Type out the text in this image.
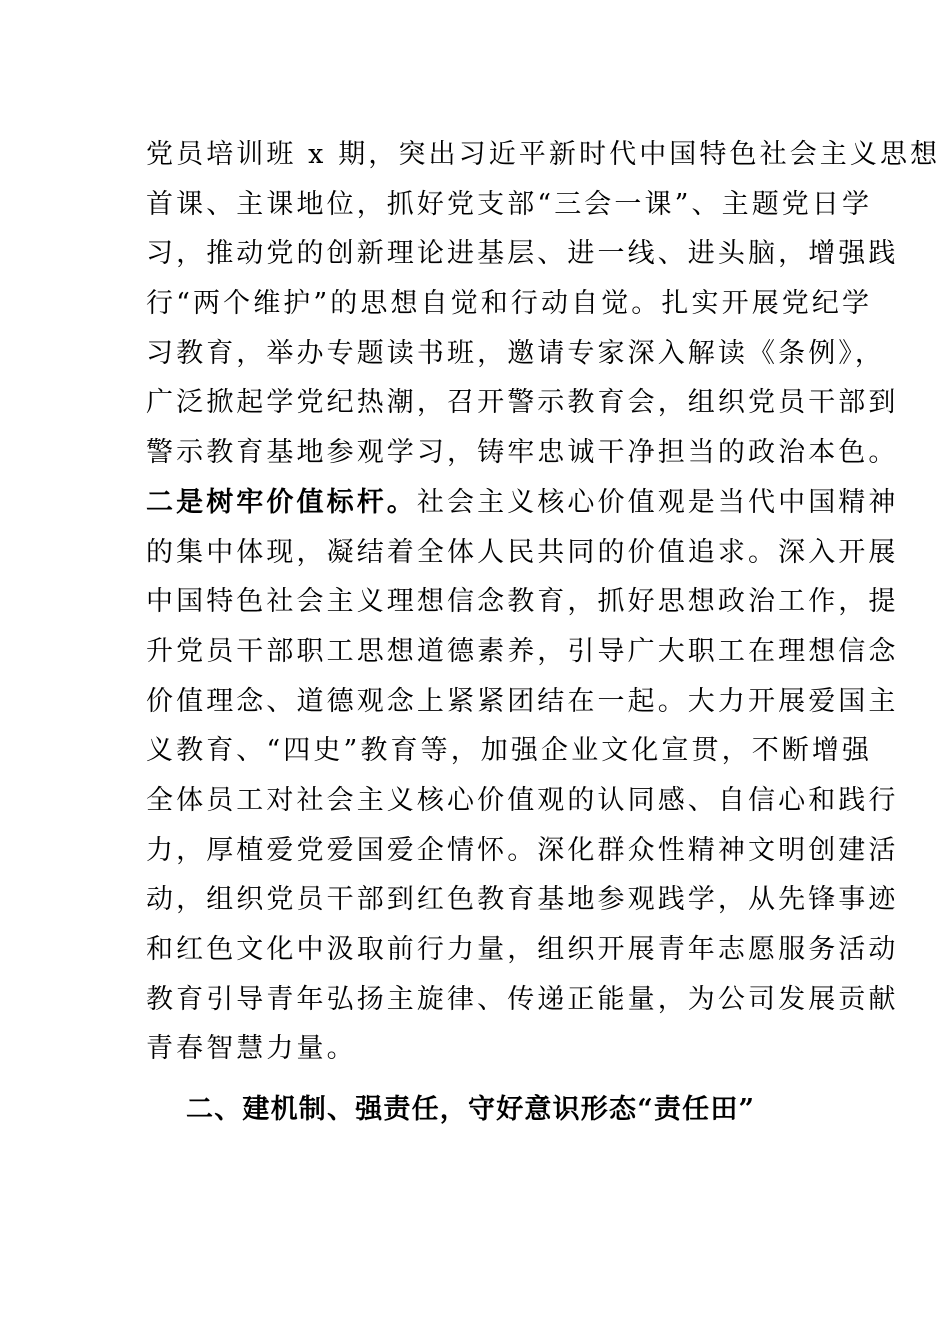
党员培训班 x 期，突出习近平新时代中国特色社会主义思想
首课、主课地位，抓好党支部“三会一课”、主题党日学
习，推动党的创新理论进基层、进一线、进头脑，增强践
行“两个维护”的思想自觉和行动自觉。扎实开展党纪学
习教育，举办专题读书班，邀请专家深入解读《条例》，
广泛掀起学党纪热潮，召开警示教育会，组织党员干部到
警示教育基地参观学习，铸牢忠诚干净担当的政治本色。
二是树牢价值标杆。社会主义核心价值观是当代中国精神
的集中体现，凝结着全体人民共同的价值追求。深入开展
中国特色社会主义理想信念教育，抓好思想政治工作，提
升党员干部职工思想道德素养，引导广大职工在理想信念
价值理念、道德观念上紧紧团结在一起。大力开展爱国主
义教育、“四史”教育等，加强企业文化宣贯，不断增强
全体员工对社会主义核心价值观的认同感、自信心和践行
力，厚植爱党爱国爱企情怀。深化群众性精神文明创建活
动，组织党员干部到红色教育基地参观践学，从先锋事迹
和红色文化中汲取前行力量，组织开展青年志愿服务活动
教育引导青年弘扬主旋律、传递正能量，为公司发展贡献
青春智慧力量。
二、建机制、强责任，守好意识形态“责任田”
